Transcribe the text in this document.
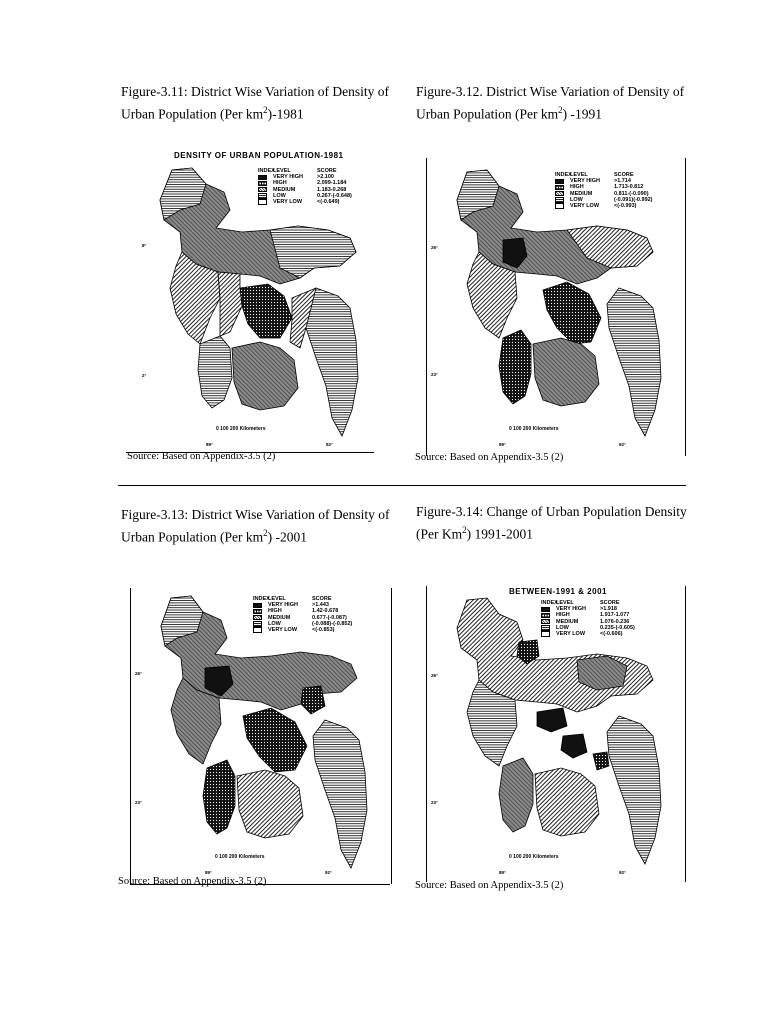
Figure-3.11: District Wise Variation of Density of Urban Population (Per $km^2)-1981$
DENSITY OF URBAN POPULATION-1981
INDEX
LEVEL	SCORE
VERY HIGH	>2.100
HIGH	2.099-1.184
MEDIUM	1.183-0.268
LOW	0.267-(-0.648)
VERY LOW	<(-0.649)
8°
2°
0 100 200 Kilometers
89°	92°
Source: Based on Appendix-3.5 (2)
Figure-3.12. District Wise Variation of Density of Urban Population (Per $km^2$) -1991
INDEX
LEVEL	SCORE
VERY HIGH	>1.714
HIGH	1.713-0.812
MEDIUM	0.811-(-0.090)
LOW	(-0.091)(-0.992)
VERY LOW	<(-0.993)
26°
23°
0 100 200 Kilometers
89°	92°
Source: Based on Appendix-3.5 (2)
Figure-3.13: District Wise Variation of Density of Urban Population (Per $km^2$) -2001
INDEX
LEVEL	SCORE
VERY HIGH	>1.443
HIGH	1.42-0.678
MEDIUM	0.677-(-0.087)
LOW	(-0.088)-(-0.852)
VERY LOW	<(-0.853)
26°
23°
0 100 200 Kilometers
89°	92°
Source: Based on Appendix-3.5 (2)
Figure-3.14: Change of Urban Population Density (Per Km$^2$) 1991-2001
BETWEEN-1991 & 2001
INDEX
LEVEL	SCORE
VERY HIGH	>1.918
HIGH	1.917-1.077
MEDIUM	1.076-0.236
LOW	0.235-(-0.605)
VERY LOW	<(-0.606)
26°
23°
0 100 200 Kilometers
89°	92°
Source: Based on Appendix-3.5 (2)
